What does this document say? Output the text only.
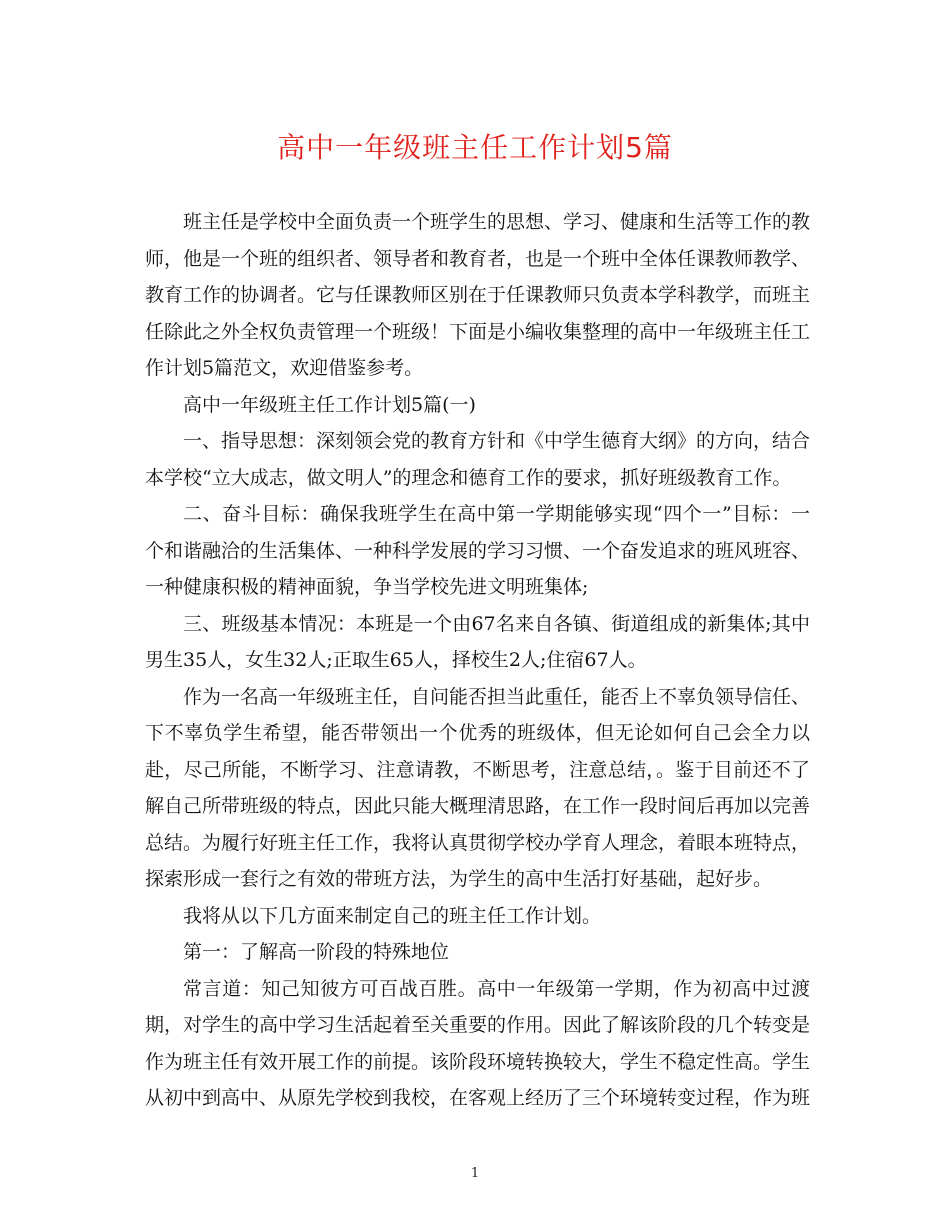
高中一年级班主任工作计划5篇

班主任是学校中全面负责一个班学生的思想、学习、健康和生活等工作的教师，他是一个班的组织者、领导者和教育者，也是一个班中全体任课教师教学、教育工作的协调者。它与任课教师区别在于任课教师只负责本学科教学，而班主任除此之外全权负责管理一个班级！下面是小编收集整理的高中一年级班主任工作计划5篇范文，欢迎借鉴参考。

高中一年级班主任工作计划5篇(一)

一、指导思想：深刻领会党的教育方针和《中学生德育大纲》的方向，结合本学校“立大成志，做文明人”的理念和德育工作的要求，抓好班级教育工作。

二、奋斗目标：确保我班学生在高中第一学期能够实现“四个一”目标：一个和谐融洽的生活集体、一种科学发展的学习习惯、一个奋发追求的班风班容、一种健康积极的精神面貌，争当学校先进文明班集体;

三、班级基本情况：本班是一个由67名来自各镇、街道组成的新集体;其中男生35人，女生32人;正取生65人，择校生2人;住宿67人。

作为一名高一年级班主任，自问能否担当此重任，能否上不辜负领导信任、下不辜负学生希望，能否带领出一个优秀的班级体，但无论如何自己会全力以赴，尽己所能，不断学习、注意请教，不断思考，注意总结，。鉴于目前还不了解自己所带班级的特点，因此只能大概理清思路，在工作一段时间后再加以完善总结。为履行好班主任工作，我将认真贯彻学校办学育人理念，着眼本班特点，探索形成一套行之有效的带班方法，为学生的高中生活打好基础，起好步。

我将从以下几方面来制定自己的班主任工作计划。

第一：了解高一阶段的特殊地位

常言道：知己知彼方可百战百胜。高中一年级第一学期，作为初高中过渡期，对学生的高中学习生活起着至关重要的作用。因此了解该阶段的几个转变是作为班主任有效开展工作的前提。该阶段环境转换较大，学生不稳定性高。学生从初中到高中、从原先学校到我校，在客观上经历了三个环境转变过程，作为班

1
